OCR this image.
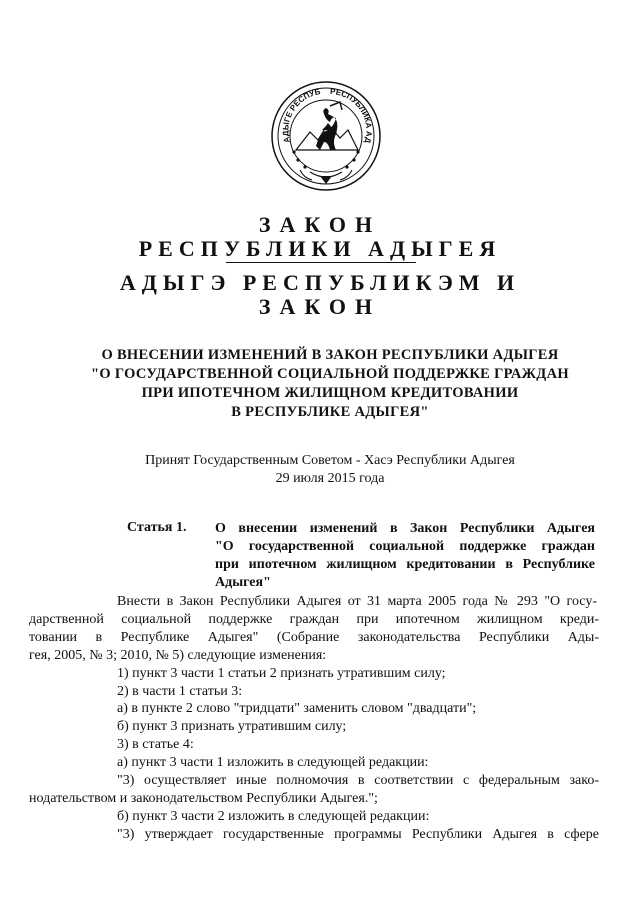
АДЫГЕ РЕСПУБ	РЕСПУБЛИКА АД
ЗАКОН
РЕСПУБЛИКИ АДЫГЕЯ
АДЫГЭ РЕСПУБЛИКЭМ И
ЗАКОН
О ВНЕСЕНИИ ИЗМЕНЕНИЙ В ЗАКОН РЕСПУБЛИКИ АДЫГЕЯ
"О ГОСУДАРСТВЕННОЙ СОЦИАЛЬНОЙ ПОДДЕРЖКЕ ГРАЖДАН
ПРИ ИПОТЕЧНОМ ЖИЛИЩНОМ КРЕДИТОВАНИИ
В РЕСПУБЛИКЕ АДЫГЕЯ"
Принят Государственным Советом - Хасэ Республики Адыгея
29 июля 2015 года
Статья 1. О внесении изменений в Закон Республики Адыгея
"О государственной социальной поддержке граждан
при ипотечном жилищном кредитовании в Республике
Адыгея"

Внести в Закон Республики Адыгея от 31 марта 2005 года № 293 "О госу-

дарственной социальной поддержке граждан при ипотечном жилищном креди-

товании в Республике Адыгея" (Собрание законодательства Республики Ады-

гея, 2005, № 3; 2010, № 5) следующие изменения:

1) пункт 3 части 1 статьи 2 признать утратившим силу;

2) в части 1 статьи 3:

а) в пункте 2 слово "тридцати" заменить словом "двадцати";

б) пункт 3 признать утратившим силу;

3) в статье 4:

а) пункт 3 части 1 изложить в следующей редакции:

"3) осуществляет иные полномочия в соответствии с федеральным зако-

нодательством и законодательством Республики Адыгея.";

б) пункт 3 части 2 изложить в следующей редакции:

"3) утверждает государственные программы Республики Адыгея в сфере
